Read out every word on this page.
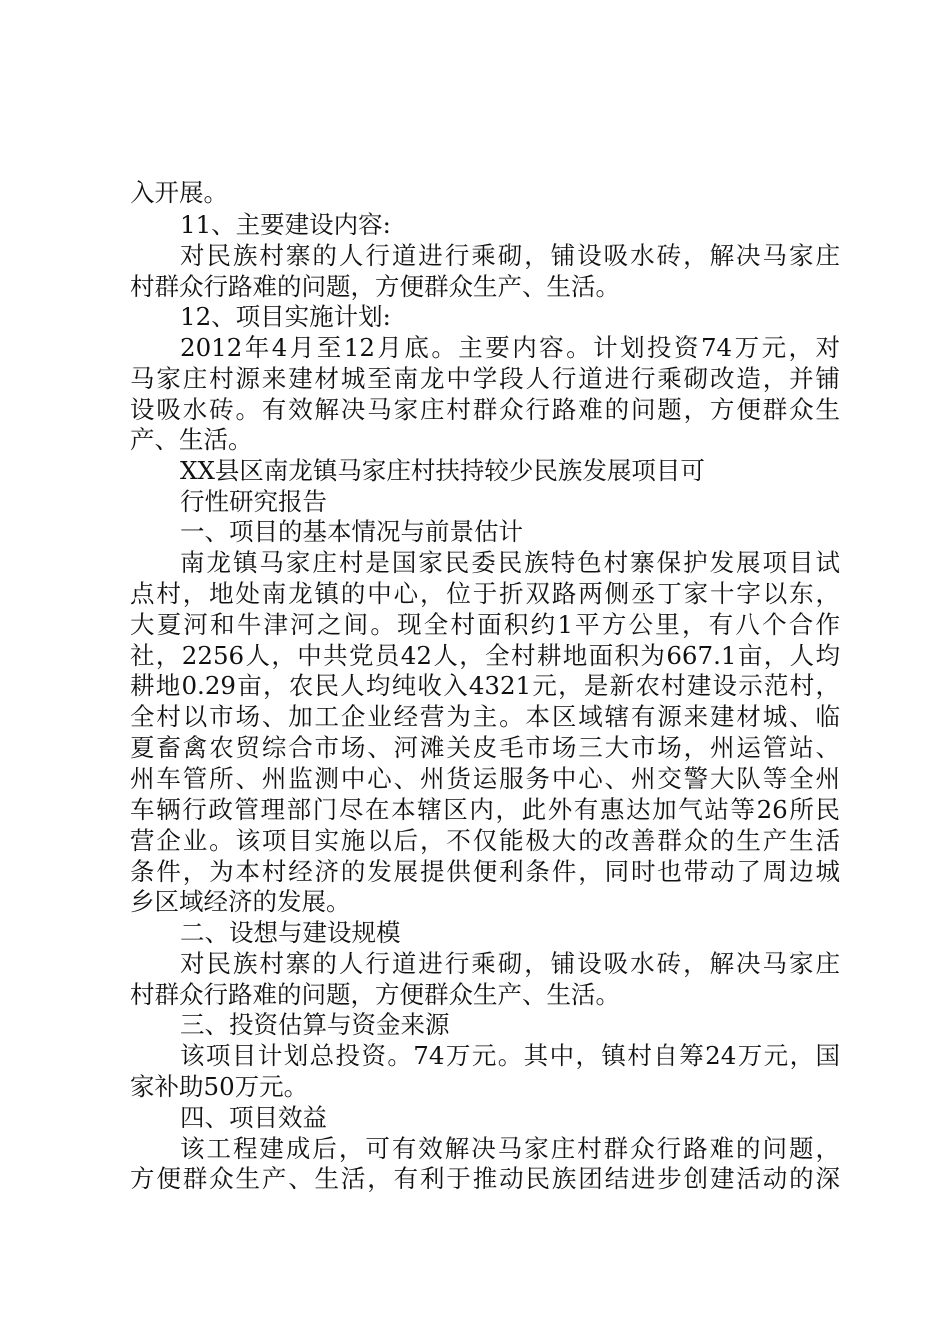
入开展。
11、主要建设内容:
对民族村寨的人行道进行乘砌，铺设吸水砖，解决马家庄
村群众行路难的问题，方便群众生产、生活。
12、项目实施计划:
2012年4月至12月底。主要内容。计划投资74万元，对
马家庄村源来建材城至南龙中学段人行道进行乘砌改造，并铺
设吸水砖。有效解决马家庄村群众行路难的问题，方便群众生
产、生活。
XX县区南龙镇马家庄村扶持较少民族发展项目可
行性研究报告
一、项目的基本情况与前景估计
南龙镇马家庄村是国家民委民族特色村寨保护发展项目试
点村，地处南龙镇的中心，位于折双路两侧丞丁家十字以东，
大夏河和牛津河之间。现全村面积约1平方公里，有八个合作
社，2256人，中共党员42人，全村耕地面积为667.1亩，人均
耕地0.29亩，农民人均纯收入4321元，是新农村建设示范村，
全村以市场、加工企业经营为主。本区域辖有源来建材城、临
夏畜禽农贸综合市场、河滩关皮毛市场三大市场，州运管站、
州车管所、州监测中心、州货运服务中心、州交警大队等全州
车辆行政管理部门尽在本辖区内，此外有惠达加气站等26所民
营企业。该项目实施以后，不仅能极大的改善群众的生产生活
条件，为本村经济的发展提供便利条件，同时也带动了周边城
乡区域经济的发展。
二、设想与建设规模
对民族村寨的人行道进行乘砌，铺设吸水砖，解决马家庄
村群众行路难的问题，方便群众生产、生活。
三、投资估算与资金来源
该项目计划总投资。74万元。其中，镇村自筹24万元，国
家补助50万元。
四、项目效益
该工程建成后，可有效解决马家庄村群众行路难的问题，
方便群众生产、生活，有利于推动民族团结进步创建活动的深
